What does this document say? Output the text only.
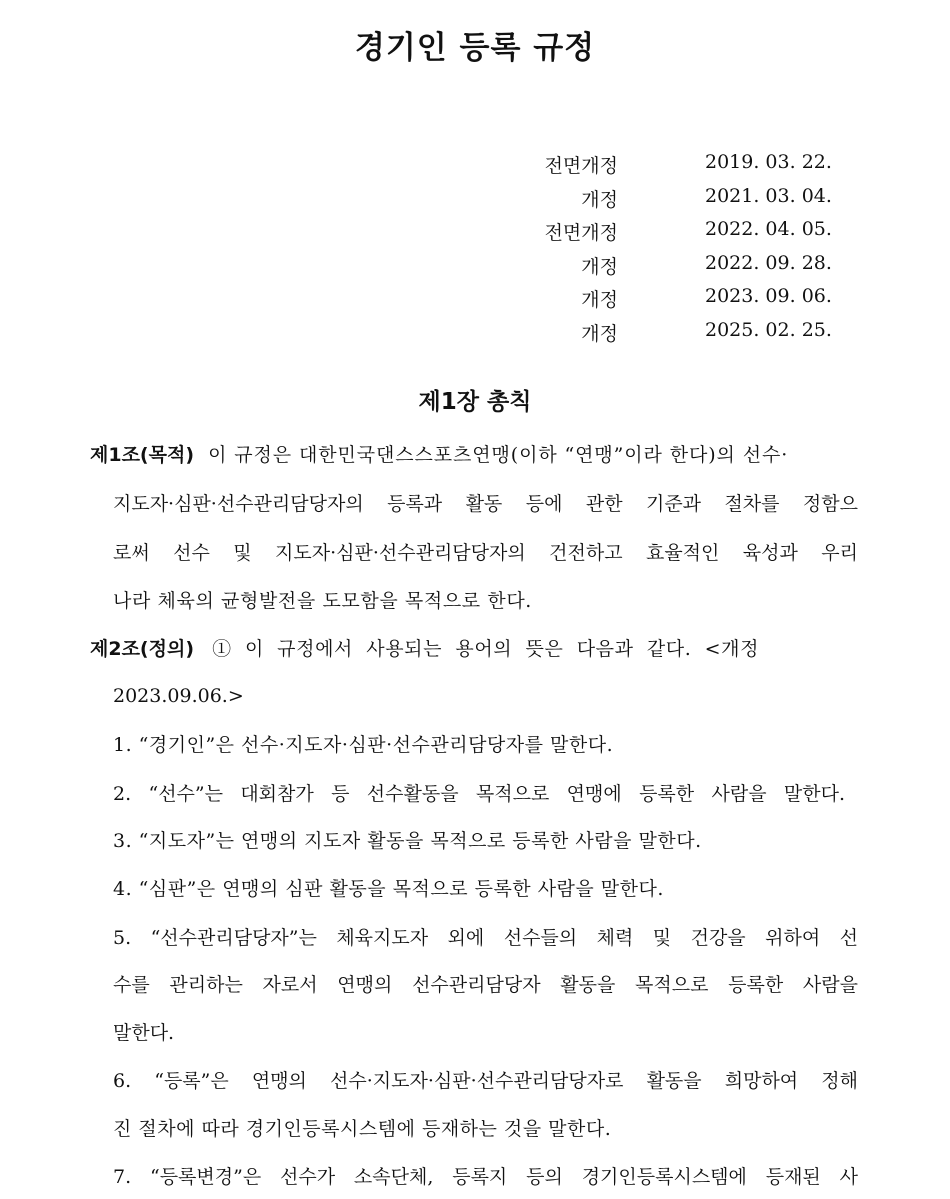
경기인 등록 규정
전면개정	2019. 03. 22.
개정	2021. 03. 04.
전면개정	2022. 04. 05.
개정	2022. 09. 28.
개정	2023. 09. 06.
개정	2025. 02. 25.
제1장 총칙
제1조(목적) 이 규정은 대한민국댄스스포츠연맹(이하 “연맹”이라 한다)의 선수·
지도자·심판·선수관리담당자의 등록과 활동 등에 관한 기준과 절차를 정함으
로써 선수 및 지도자·심판·선수관리담당자의 건전하고 효율적인 육성과 우리
나라 체육의 균형발전을 도모함을 목적으로 한다.
제2조(정의) ①  이  규정에서  사용되는  용어의  뜻은  다음과  같다.  <개정
2023.09.06.>
1. “경기인”은 선수·지도자·심판·선수관리담당자를 말한다.
2. “선수”는 대회참가 등 선수활동을 목적으로 연맹에 등록한 사람을 말한다.
3. “지도자”는 연맹의 지도자 활동을 목적으로 등록한 사람을 말한다.
4. “심판”은 연맹의 심판 활동을 목적으로 등록한 사람을 말한다.
5. “선수관리담당자”는 체육지도자 외에 선수들의 체력 및 건강을 위하여 선
수를 관리하는 자로서 연맹의 선수관리담당자 활동을 목적으로 등록한 사람을
말한다.
6. “등록”은 연맹의 선수·지도자·심판·선수관리담당자로 활동을 희망하여 정해
진 절차에 따라 경기인등록시스템에 등재하는 것을 말한다.
7. “등록변경”은 선수가 소속단체, 등록지 등의 경기인등록시스템에 등재된 사
